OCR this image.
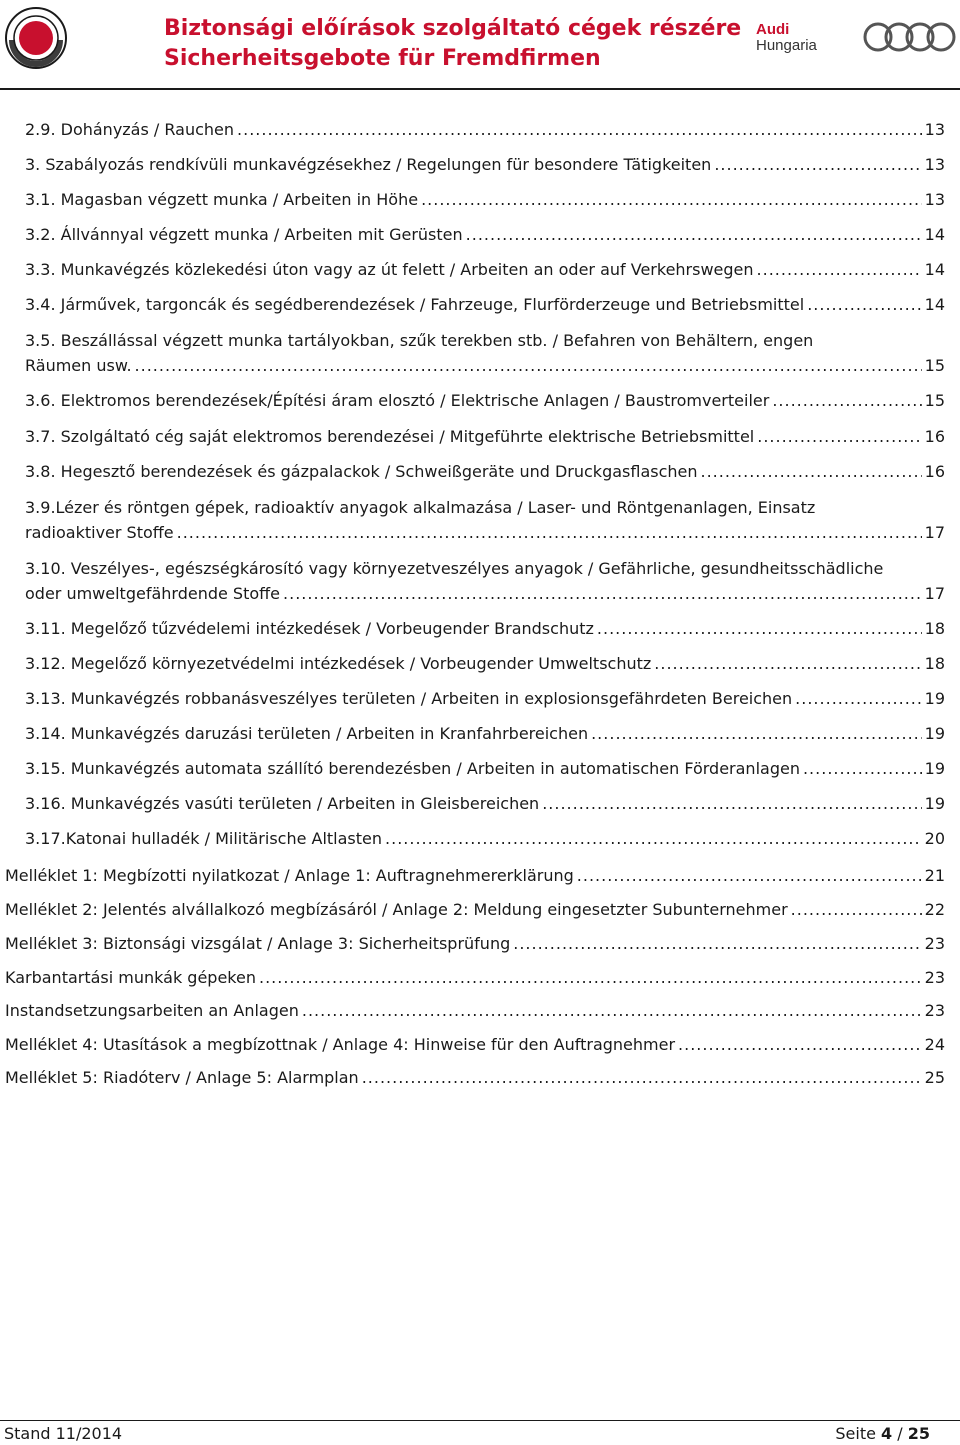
Biztonsági előírások szolgáltató cégek részére
Sicherheitsgebote für Fremdfirmen
Audi
Hungaria
Stand 11/2014	Seite 4 / 25
2.9. Dohányzás / Rauchen .....	13
3. Szabályozás rendkívüli munkavégzésekhez / Regelungen für besondere Tätigkeiten .....	13
3.1. Magasban végzett munka / Arbeiten in Höhe .....	13
3.2. Állvánnyal végzett munka / Arbeiten mit Gerüsten .....	14
3.3. Munkavégzés közlekedési úton vagy az út felett / Arbeiten an oder auf Verkehrswegen .....	14
3.4. Járművek, targoncák és segédberendezések / Fahrzeuge, Flurförderzeuge und Betriebsmittel .....	14
3.5. Beszállással végzett munka tartályokban, szűk terekben stb. / Befahren von Behältern, engen
Räumen usw. .....	15
3.6. Elektromos berendezések/Építési áram elosztó / Elektrische Anlagen / Baustromverteiler .....	15
3.7. Szolgáltató cég saját elektromos berendezései / Mitgeführte elektrische Betriebsmittel .....	16
3.8. Hegesztő berendezések és gázpalackok / Schweißgeräte und Druckgasflaschen .....	16
3.9.Lézer és röntgen gépek, radioaktív anyagok alkalmazása / Laser- und Röntgenanlagen, Einsatz
radioaktiver Stoffe .....	17
3.10. Veszélyes-, egészségkárosító vagy környezetveszélyes anyagok / Gefährliche, gesundheitsschädliche
oder umweltgefährdende Stoffe .....	17
3.11. Megelőző tűzvédelemi intézkedések / Vorbeugender Brandschutz .....	18
3.12. Megelőző környezetvédelmi intézkedések / Vorbeugender Umweltschutz .....	18
3.13. Munkavégzés robbanásveszélyes területen / Arbeiten in explosionsgefährdeten Bereichen .....	19
3.14. Munkavégzés daruzási területen / Arbeiten in Kranfahrbereichen .....	19
3.15. Munkavégzés automata szállító berendezésben / Arbeiten in automatischen Förderanlagen .....	19
3.16. Munkavégzés vasúti területen / Arbeiten in Gleisbereichen .....	19
3.17.Katonai hulladék / Militärische Altlasten .....	20
Melléklet 1: Megbízotti nyilatkozat / Anlage 1: Auftragnehmererklärung .....	21
Melléklet 2: Jelentés alvállalkozó megbízásáról / Anlage 2: Meldung eingesetzter Subunternehmer .....	22
Melléklet 3: Biztonsági vizsgálat / Anlage 3: Sicherheitsprüfung .....	23
Karbantartási munkák gépeken .....	23
Instandsetzungsarbeiten an Anlagen .....	23
Melléklet 4: Utasítások a megbízottnak / Anlage 4: Hinweise für den Auftragnehmer .....	24
Melléklet 5: Riadóterv / Anlage 5: Alarmplan .....	25
